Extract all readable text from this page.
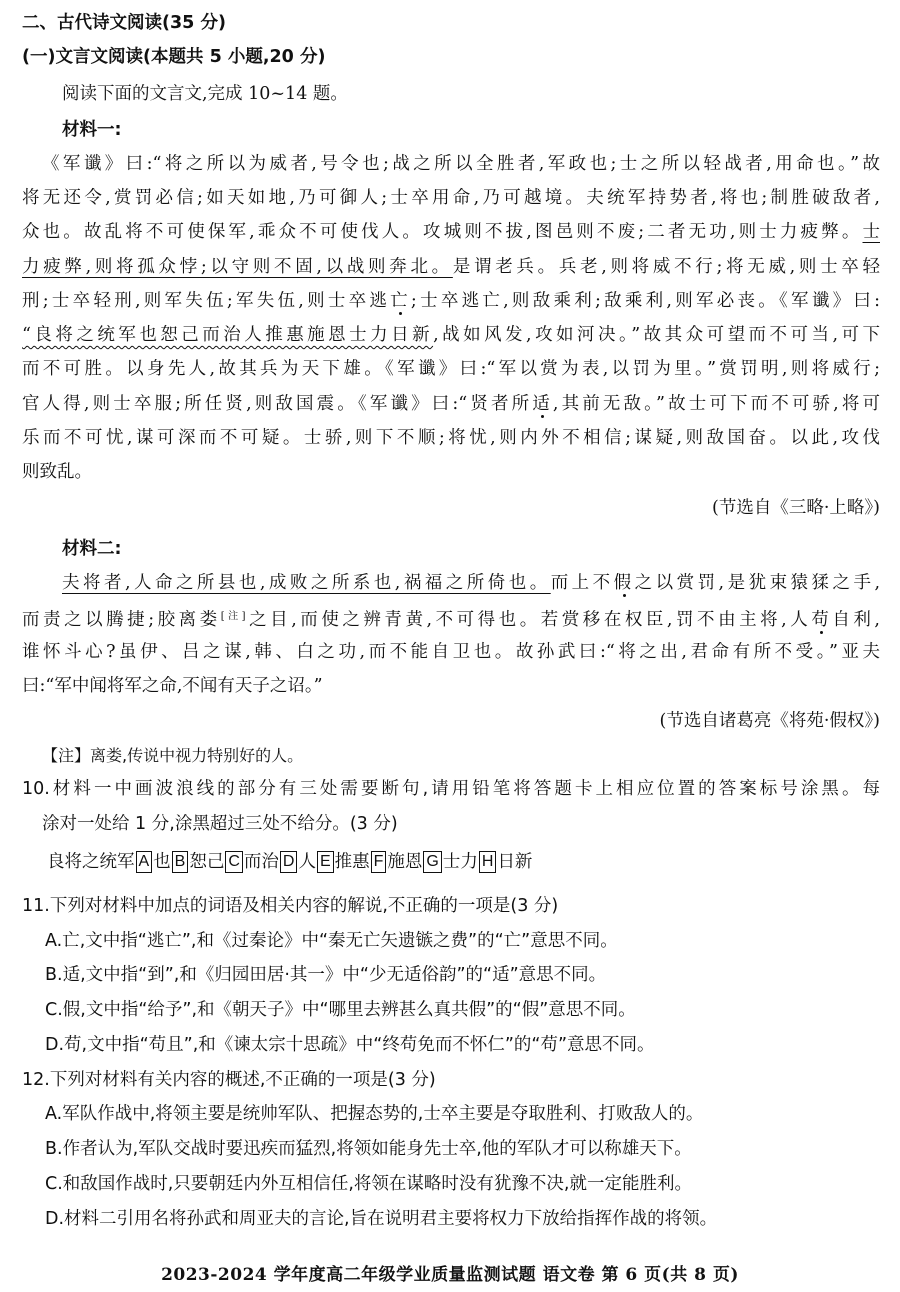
二、古代诗文阅读(35 分)
(一)文言文阅读(本题共 5 小题,20 分)
阅读下面的文言文,完成 10~14 题。
材料一:
《军谶》曰:“将之所以为威者,号令也;战之所以全胜者,军政也;士之所以轻战者,用命也。”故
将无还令,赏罚必信;如天如地,乃可御人;士卒用命,乃可越境。夫统军持势者,将也;制胜破敌者,
众也。故乱将不可使保军,乖众不可使伐人。攻城则不拔,图邑则不废;二者无功,则士力疲弊。士
力疲弊,则将孤众悖;以守则不固,以战则奔北。是谓老兵。兵老,则将威不行;将无威,则士卒轻
刑;士卒轻刑,则军失伍;军失伍,则士卒逃亡;士卒逃亡,则敌乘利;敌乘利,则军必丧。《军谶》曰:
“良将之统军也恕己而治人推惠施恩士力日新,战如风发,攻如河决。”故其众可望而不可当,可下
而不可胜。以身先人,故其兵为天下雄。《军谶》曰:“军以赏为表,以罚为里。”赏罚明,则将威行;
官人得,则士卒服;所任贤,则敌国震。《军谶》曰:“贤者所适,其前无敌。”故士可下而不可骄,将可
乐而不可忧,谋可深而不可疑。士骄,则下不顺;将忧,则内外不相信;谋疑,则敌国奋。以此,攻伐
则致乱。
(节选自《三略·上略》)
材料二:
夫将者,人命之所县也,成败之所系也,祸福之所倚也。而上不假之以赏罚,是犹束猿猱之手,
而责之以腾捷;胶离娄[注]之目,而使之辨青黄,不可得也。若赏移在权臣,罚不由主将,人苟自利,
谁怀斗心?虽伊、吕之谋,韩、白之功,而不能自卫也。故孙武曰:“将之出,君命有所不受。”亚夫
曰:“军中闻将军之命,不闻有天子之诏。”
(节选自诸葛亮《将苑·假权》)
【注】离娄,传说中视力特别好的人。
10.材料一中画波浪线的部分有三处需要断句,请用铅笔将答题卡上相应位置的答案标号涂黑。每
涂对一处给 1 分,涂黑超过三处不给分。(3 分)
良将之统军 A 也 B 恕己 C 而治 D 人 E 推惠 F 施恩 G 士力 H 日新
11.下列对材料中加点的词语及相关内容的解说,不正确的一项是(3 分)
A.亡,文中指“逃亡”,和《过秦论》中“秦无亡矢遗镞之费”的“亡”意思不同。
B.适,文中指“到”,和《归园田居·其一》中“少无适俗韵”的“适”意思不同。
C.假,文中指“给予”,和《朝天子》中“哪里去辨甚么真共假”的“假”意思不同。
D.苟,文中指“苟且”,和《谏太宗十思疏》中“终苟免而不怀仁”的“苟”意思不同。
12.下列对材料有关内容的概述,不正确的一项是(3 分)
A.军队作战中,将领主要是统帅军队、把握态势的,士卒主要是夺取胜利、打败敌人的。
B.作者认为,军队交战时要迅疾而猛烈,将领如能身先士卒,他的军队才可以称雄天下。
C.和敌国作战时,只要朝廷内外互相信任,将领在谋略时没有犹豫不决,就一定能胜利。
D.材料二引用名将孙武和周亚夫的言论,旨在说明君主要将权力下放给指挥作战的将领。
2023-2024 学年度高二年级学业质量监测试题 语文卷 第 6 页(共 8 页)
